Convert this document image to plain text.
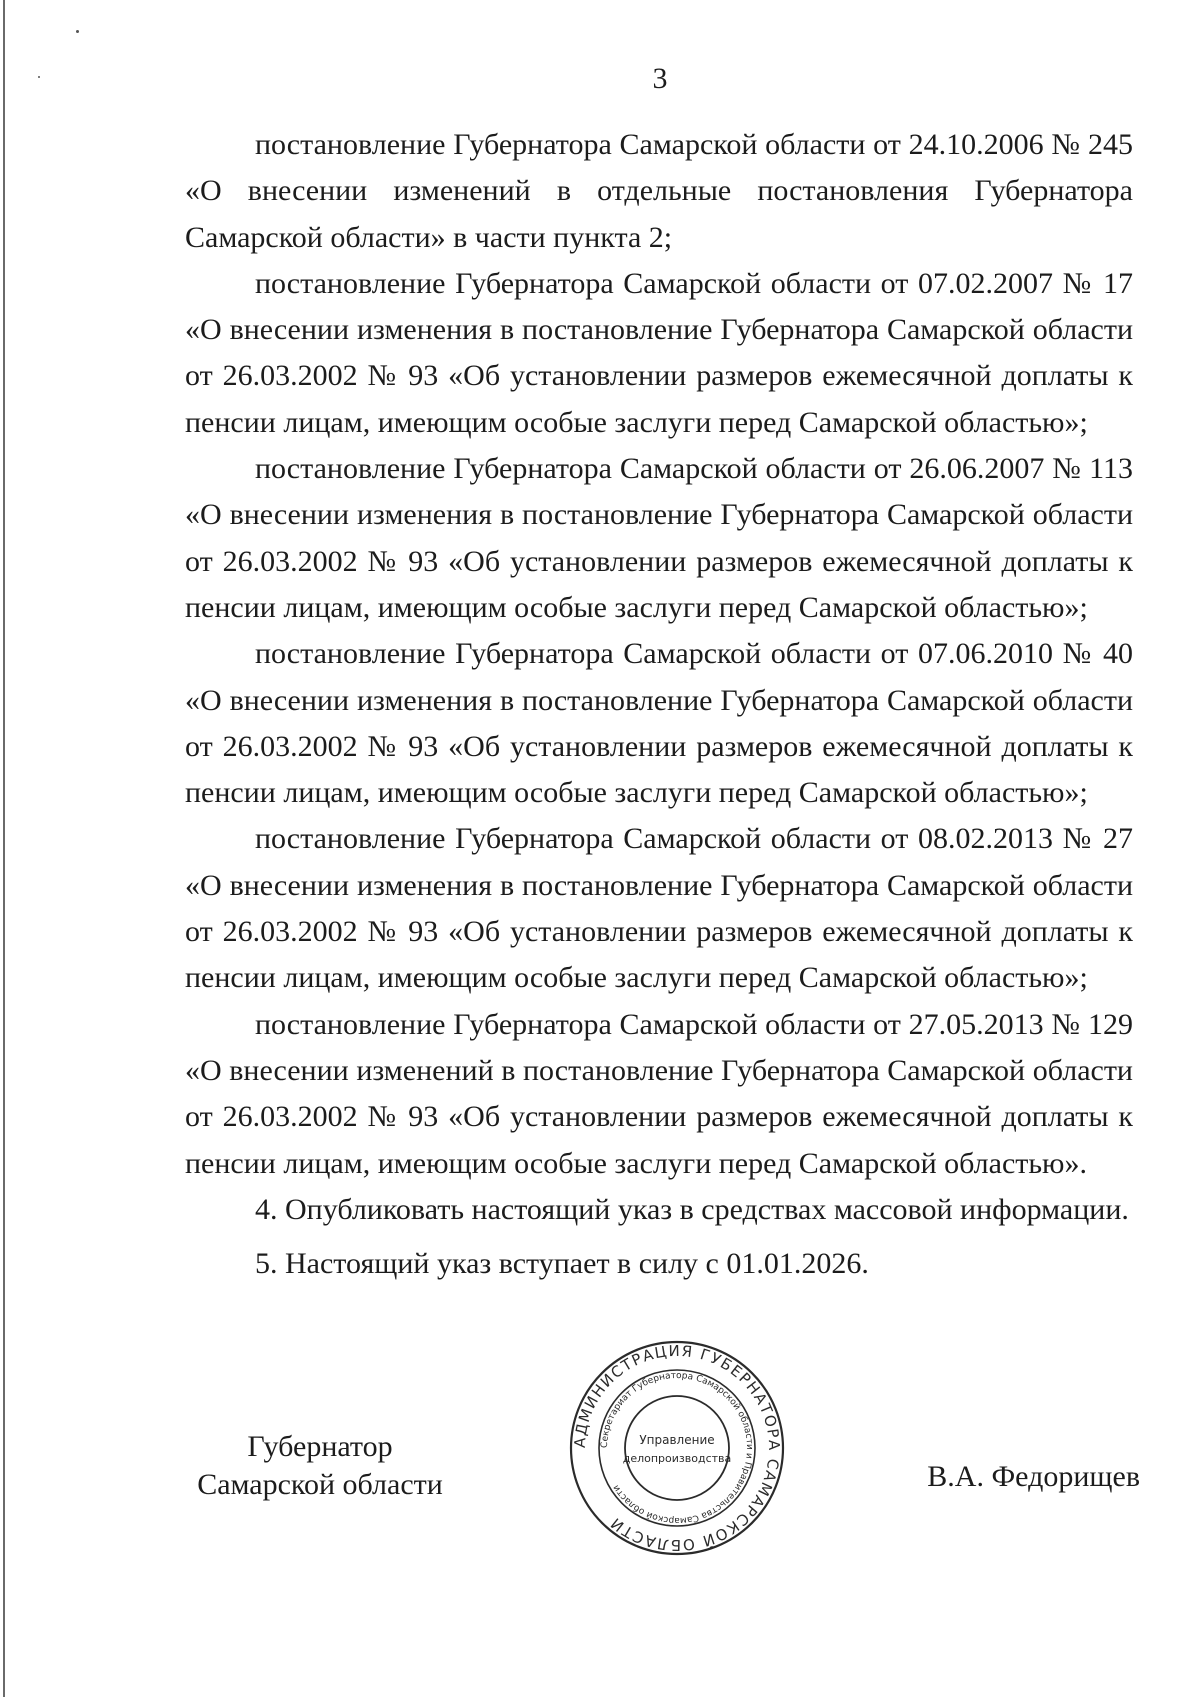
3

постановление Губернатора Самарской области от 24.10.2006 № 245 «О внесении изменений в отдельные постановления Губернатора Самарской области» в части пункта 2;

постановление Губернатора Самарской области от 07.02.2007 № 17 «О внесении изменения в постановление Губернатора Самарской области от 26.03.2002 № 93 «Об установлении размеров ежемесячной доплаты к пенсии лицам, имеющим особые заслуги перед Самарской областью»;

постановление Губернатора Самарской области от 26.06.2007 № 113 «О внесении изменения в постановление Губернатора Самарской области от 26.03.2002 № 93 «Об установлении размеров ежемесячной доплаты к пенсии лицам, имеющим особые заслуги перед Самарской областью»;

постановление Губернатора Самарской области от 07.06.2010 № 40 «О внесении изменения в постановление Губернатора Самарской области от 26.03.2002 № 93 «Об установлении размеров ежемесячной доплаты к пенсии лицам, имеющим особые заслуги перед Самарской областью»;

постановление Губернатора Самарской области от 08.02.2013 № 27 «О внесении изменения в постановление Губернатора Самарской области от 26.03.2002 № 93 «Об установлении размеров ежемесячной доплаты к пенсии лицам, имеющим особые заслуги перед Самарской областью»;

постановление Губернатора Самарской области от 27.05.2013 № 129 «О внесении изменений в постановление Губернатора Самарской области от 26.03.2002 № 93 «Об установлении размеров ежемесячной доплаты к пенсии лицам, имеющим особые заслуги перед Самарской областью».

4. Опубликовать настоящий указ в средствах массовой информации.

5. Настоящий указ вступает в силу с 01.01.2026.

Губернатор
Самарской области
АДМИНИСТРАЦИЯ ГУБЕРНАТОРА САМАРСКОЙ ОБЛАСТИ
Секретариат Губернатора Самарской области и Правительства Самарской области
Управление
делопроизводства
В.А. Федорищев
